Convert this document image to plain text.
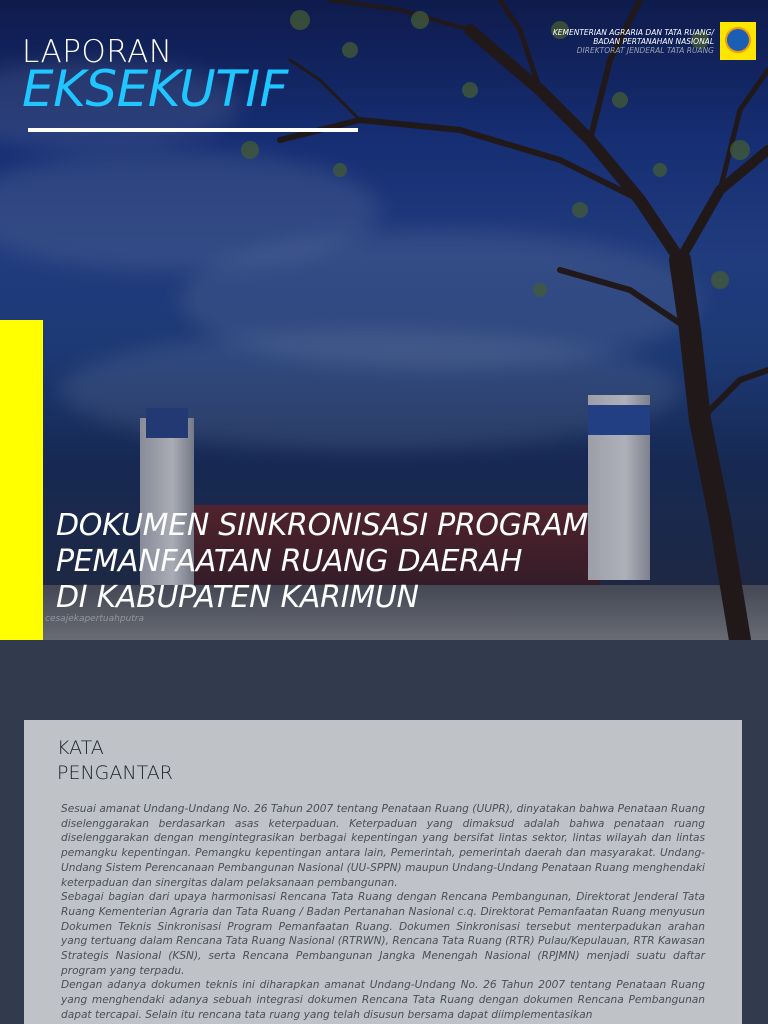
LAPORAN
EKSEKUTIF
KEMENTERIAN AGRARIA DAN TATA RUANG/
BADAN PERTANAHAN NASIONAL
DIREKTORAT JENDERAL TATA RUANG
DOKUMEN SINKRONISASI PROGRAM
PEMANFAATAN RUANG DAERAH
DI KABUPATEN KARIMUN
cesajekapertuahputra
KATA
PENGANTAR

Sesuai amanat Undang-Undang No. 26 Tahun 2007 tentang Penataan Ruang (UUPR), dinyatakan bahwa Penataan Ruang diselenggarakan berdasarkan asas keterpaduan. Keterpaduan yang dimaksud adalah bahwa penataan ruang diselenggarakan dengan mengintegrasikan berbagai kepentingan yang bersifat lintas sektor, lintas wilayah dan lintas pemangku kepentingan. Pemangku kepentingan antara lain, Pemerintah, pemerintah daerah dan masyarakat. Undang-Undang Sistem Perencanaan Pembangunan Nasional (UU-SPPN) maupun Undang-Undang Penataan Ruang menghendaki keterpaduan dan sinergitas dalam pelaksanaan pembangunan.

Sebagai bagian dari upaya harmonisasi Rencana Tata Ruang dengan Rencana Pembangunan, Direktorat Jenderal Tata Ruang Kementerian Agraria dan Tata Ruang / Badan Pertanahan Nasional c.q. Direktorat Pemanfaatan Ruang menyusun Dokumen Teknis Sinkronisasi Program Pemanfaatan Ruang. Dokumen Sinkronisasi tersebut menterpadukan arahan yang tertuang dalam Rencana Tata Ruang Nasional (RTRWN), Rencana Tata Ruang (RTR) Pulau/Kepulauan, RTR Kawasan Strategis Nasional (KSN), serta Rencana Pembangunan Jangka Menengah Nasional (RPJMN) menjadi suatu daftar program yang terpadu.

Dengan adanya dokumen teknis ini diharapkan amanat Undang-Undang No. 26 Tahun 2007 tentang Penataan Ruang yang menghendaki adanya sebuah integrasi dokumen Rencana Tata Ruang dengan dokumen Rencana Pembangunan dapat tercapai. Selain itu rencana tata ruang yang telah disusun bersama dapat diimplementasikan
